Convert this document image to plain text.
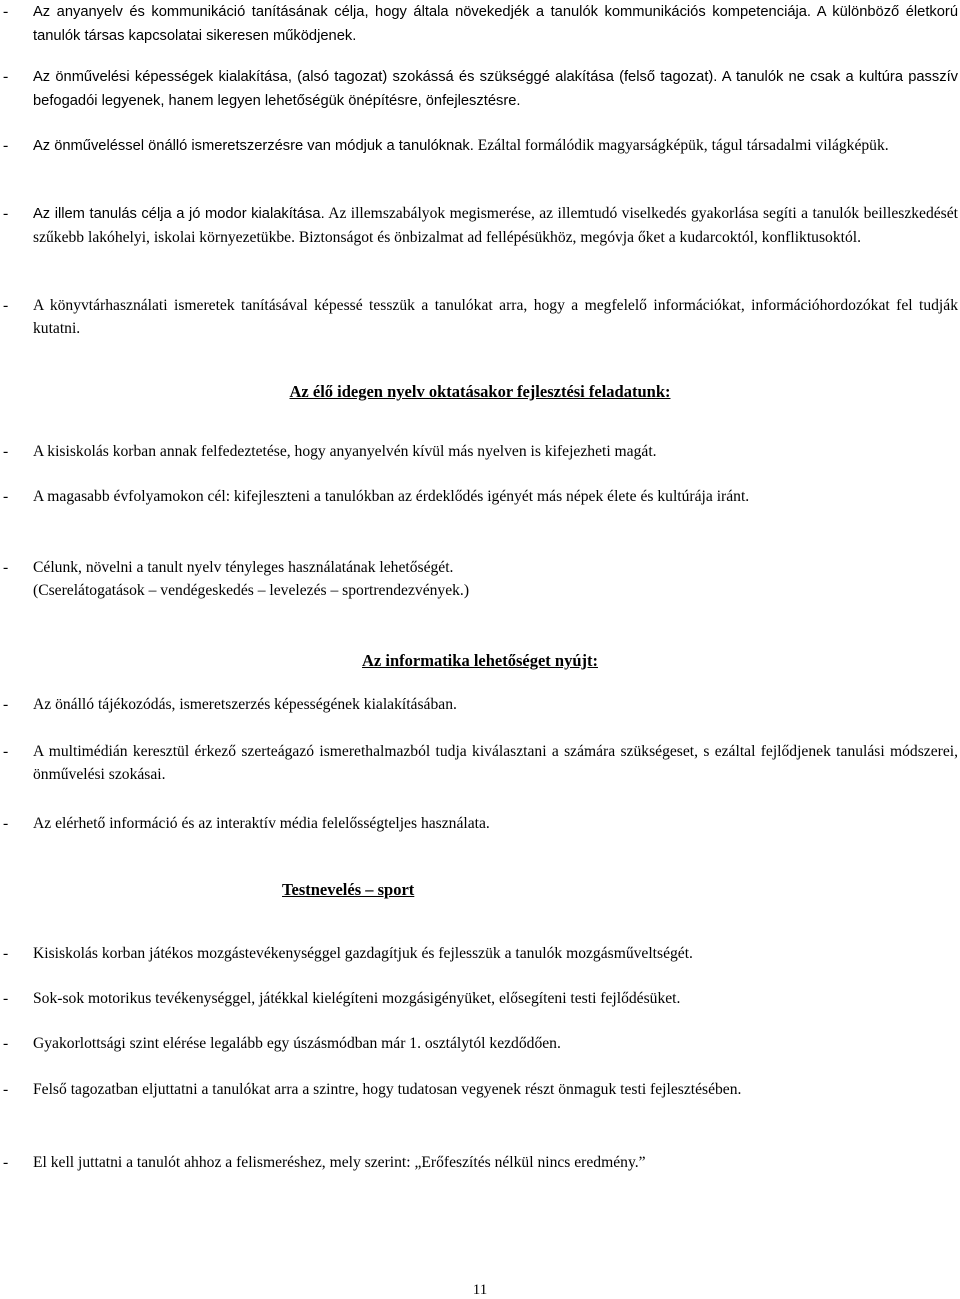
- Az anyanyelv és kommunikáció tanításának célja, hogy általa növekedjék a tanulók kommunikációs kompetenciája. A különböző életkorú tanulók társas kapcsolatai sikeresen működjenek.
- Az önművelési képességek kialakítása, (alsó tagozat) szokássá és szükséggé alakítása (felső tagozat). A tanulók ne csak a kultúra passzív befogadói legyenek, hanem legyen lehetőségük önépítésre, önfejlesztésre.
- Az önműveléssel önálló ismeretszerzésre van módjuk a tanulóknak. Ezáltal formálódik magyarságképük, tágul társadalmi világképük.
- Az illem tanulás célja a jó modor kialakítása. Az illemszabályok megismerése, az illemtudó viselkedés gyakorlása segíti a tanulók beilleszkedését szűkebb lakóhelyi, iskolai környezetükbe. Biztonságot és önbizalmat ad fellépésükhöz, megóvja őket a kudarcoktól, konfliktusoktól.
- A könyvtárhasználati ismeretek tanításával képessé tesszük a tanulókat arra, hogy a megfelelő információkat, információhordozókat fel tudják kutatni.
Az élő idegen nyelv oktatásakor fejlesztési feladatunk:
- A kisiskolás korban annak felfedeztetése, hogy anyanyelvén kívül más nyelven is kifejezheti magát.
- A magasabb évfolyamokon cél: kifejleszteni a tanulókban az érdeklődés igényét más népek élete és kultúrája iránt.
- Célunk, növelni a tanult nyelv tényleges használatának lehetőségét.
(Cserelátogatások – vendégeskedés – levelezés – sportrendezvények.)
Az informatika lehetőséget nyújt:
- Az önálló tájékozódás, ismeretszerzés képességének kialakításában.
- A multimédián keresztül érkező szerteágazó ismerethalmazból tudja kiválasztani a számára szükségeset, s ezáltal fejlődjenek tanulási módszerei, önművelési szokásai.
- Az elérhető információ és az interaktív média felelősségteljes használata.
Testnevelés – sport
- Kisiskolás korban játékos mozgástevékenységgel gazdagítjuk és fejlesszük a tanulók mozgásműveltségét.
- Sok-sok motorikus tevékenységgel, játékkal kielégíteni mozgásigényüket, elősegíteni testi fejlődésüket.
- Gyakorlottsági szint elérése legalább egy úszásmódban már 1. osztálytól kezdődően.
- Felső tagozatban eljuttatni a tanulókat arra a szintre, hogy tudatosan vegyenek részt önmaguk testi fejlesztésében.
- El kell juttatni a tanulót ahhoz a felismeréshez, mely szerint: „Erőfeszítés nélkül nincs eredmény.”
11
